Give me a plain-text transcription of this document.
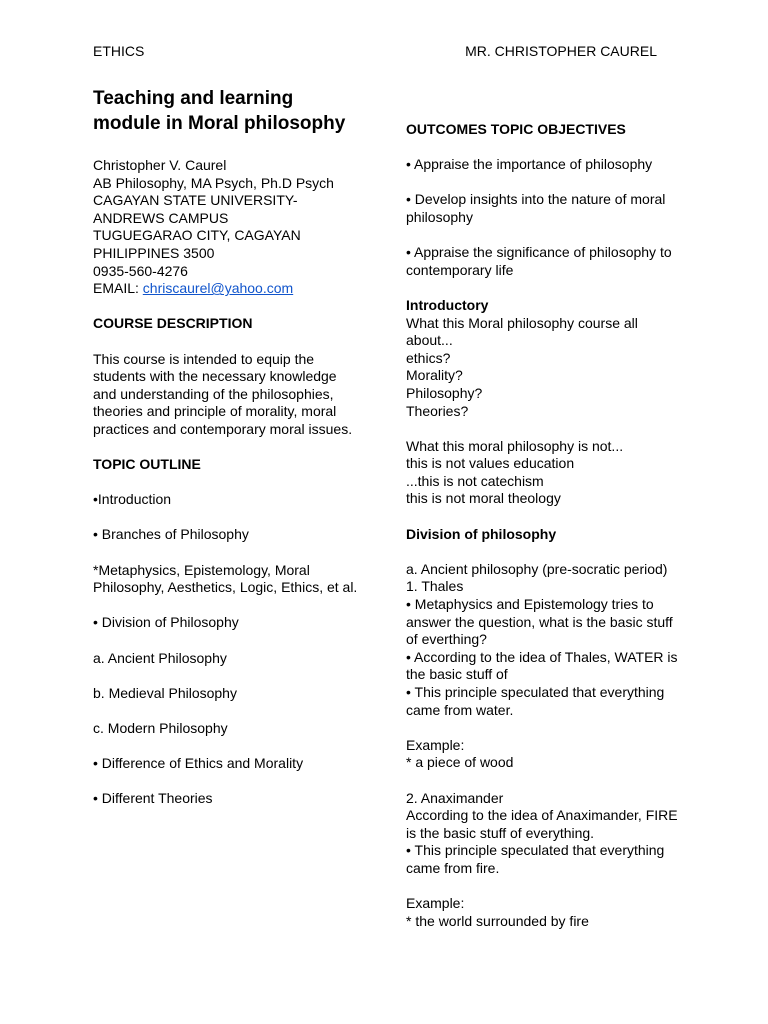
ETHICS	MR. CHRISTOPHER CAUREL

Teaching and learning module in Moral philosophy

Christopher V. Caurel
AB Philosophy, MA Psych, Ph.D Psych
CAGAYAN STATE UNIVERSITY-
ANDREWS CAMPUS
TUGUEGARAO CITY, CAGAYAN
PHILIPPINES 3500
0935-560-4276
EMAIL: chriscaurel@yahoo.com
COURSE DESCRIPTION

This course is intended to equip the students with the necessary knowledge and understanding of the philosophies, theories and principle of morality, moral practices and contemporary moral issues.

TOPIC OUTLINE

•Introduction

• Branches of Philosophy

*Metaphysics, Epistemology, Moral Philosophy, Aesthetics, Logic, Ethics, et al.

• Division of Philosophy

a. Ancient Philosophy

b. Medieval Philosophy

c. Modern Philosophy

• Difference of Ethics and Morality

• Different Theories

OUTCOMES TOPIC OBJECTIVES

• Appraise the importance of philosophy

• Develop insights into the nature of moral philosophy

• Appraise the significance of philosophy to contemporary life

Introductory

What this Moral philosophy course all about...

ethics?
Morality?
Philosophy?
Theories?
What this moral philosophy is not...
this is not values education
...this is not catechism
this is not moral theology
Division of philosophy
a. Ancient philosophy (pre-socratic period)
1. Thales

• Metaphysics and Epistemology tries to answer the question, what is the basic stuff of everthing?

• According to the idea of Thales, WATER is the basic stuff of

• This principle speculated that everything came from water.

Example:
* a piece of wood
2. Anaximander

According to the idea of Anaximander, FIRE is the basic stuff of everything.

• This principle speculated that everything came from fire.

Example:
* the world surrounded by fire
